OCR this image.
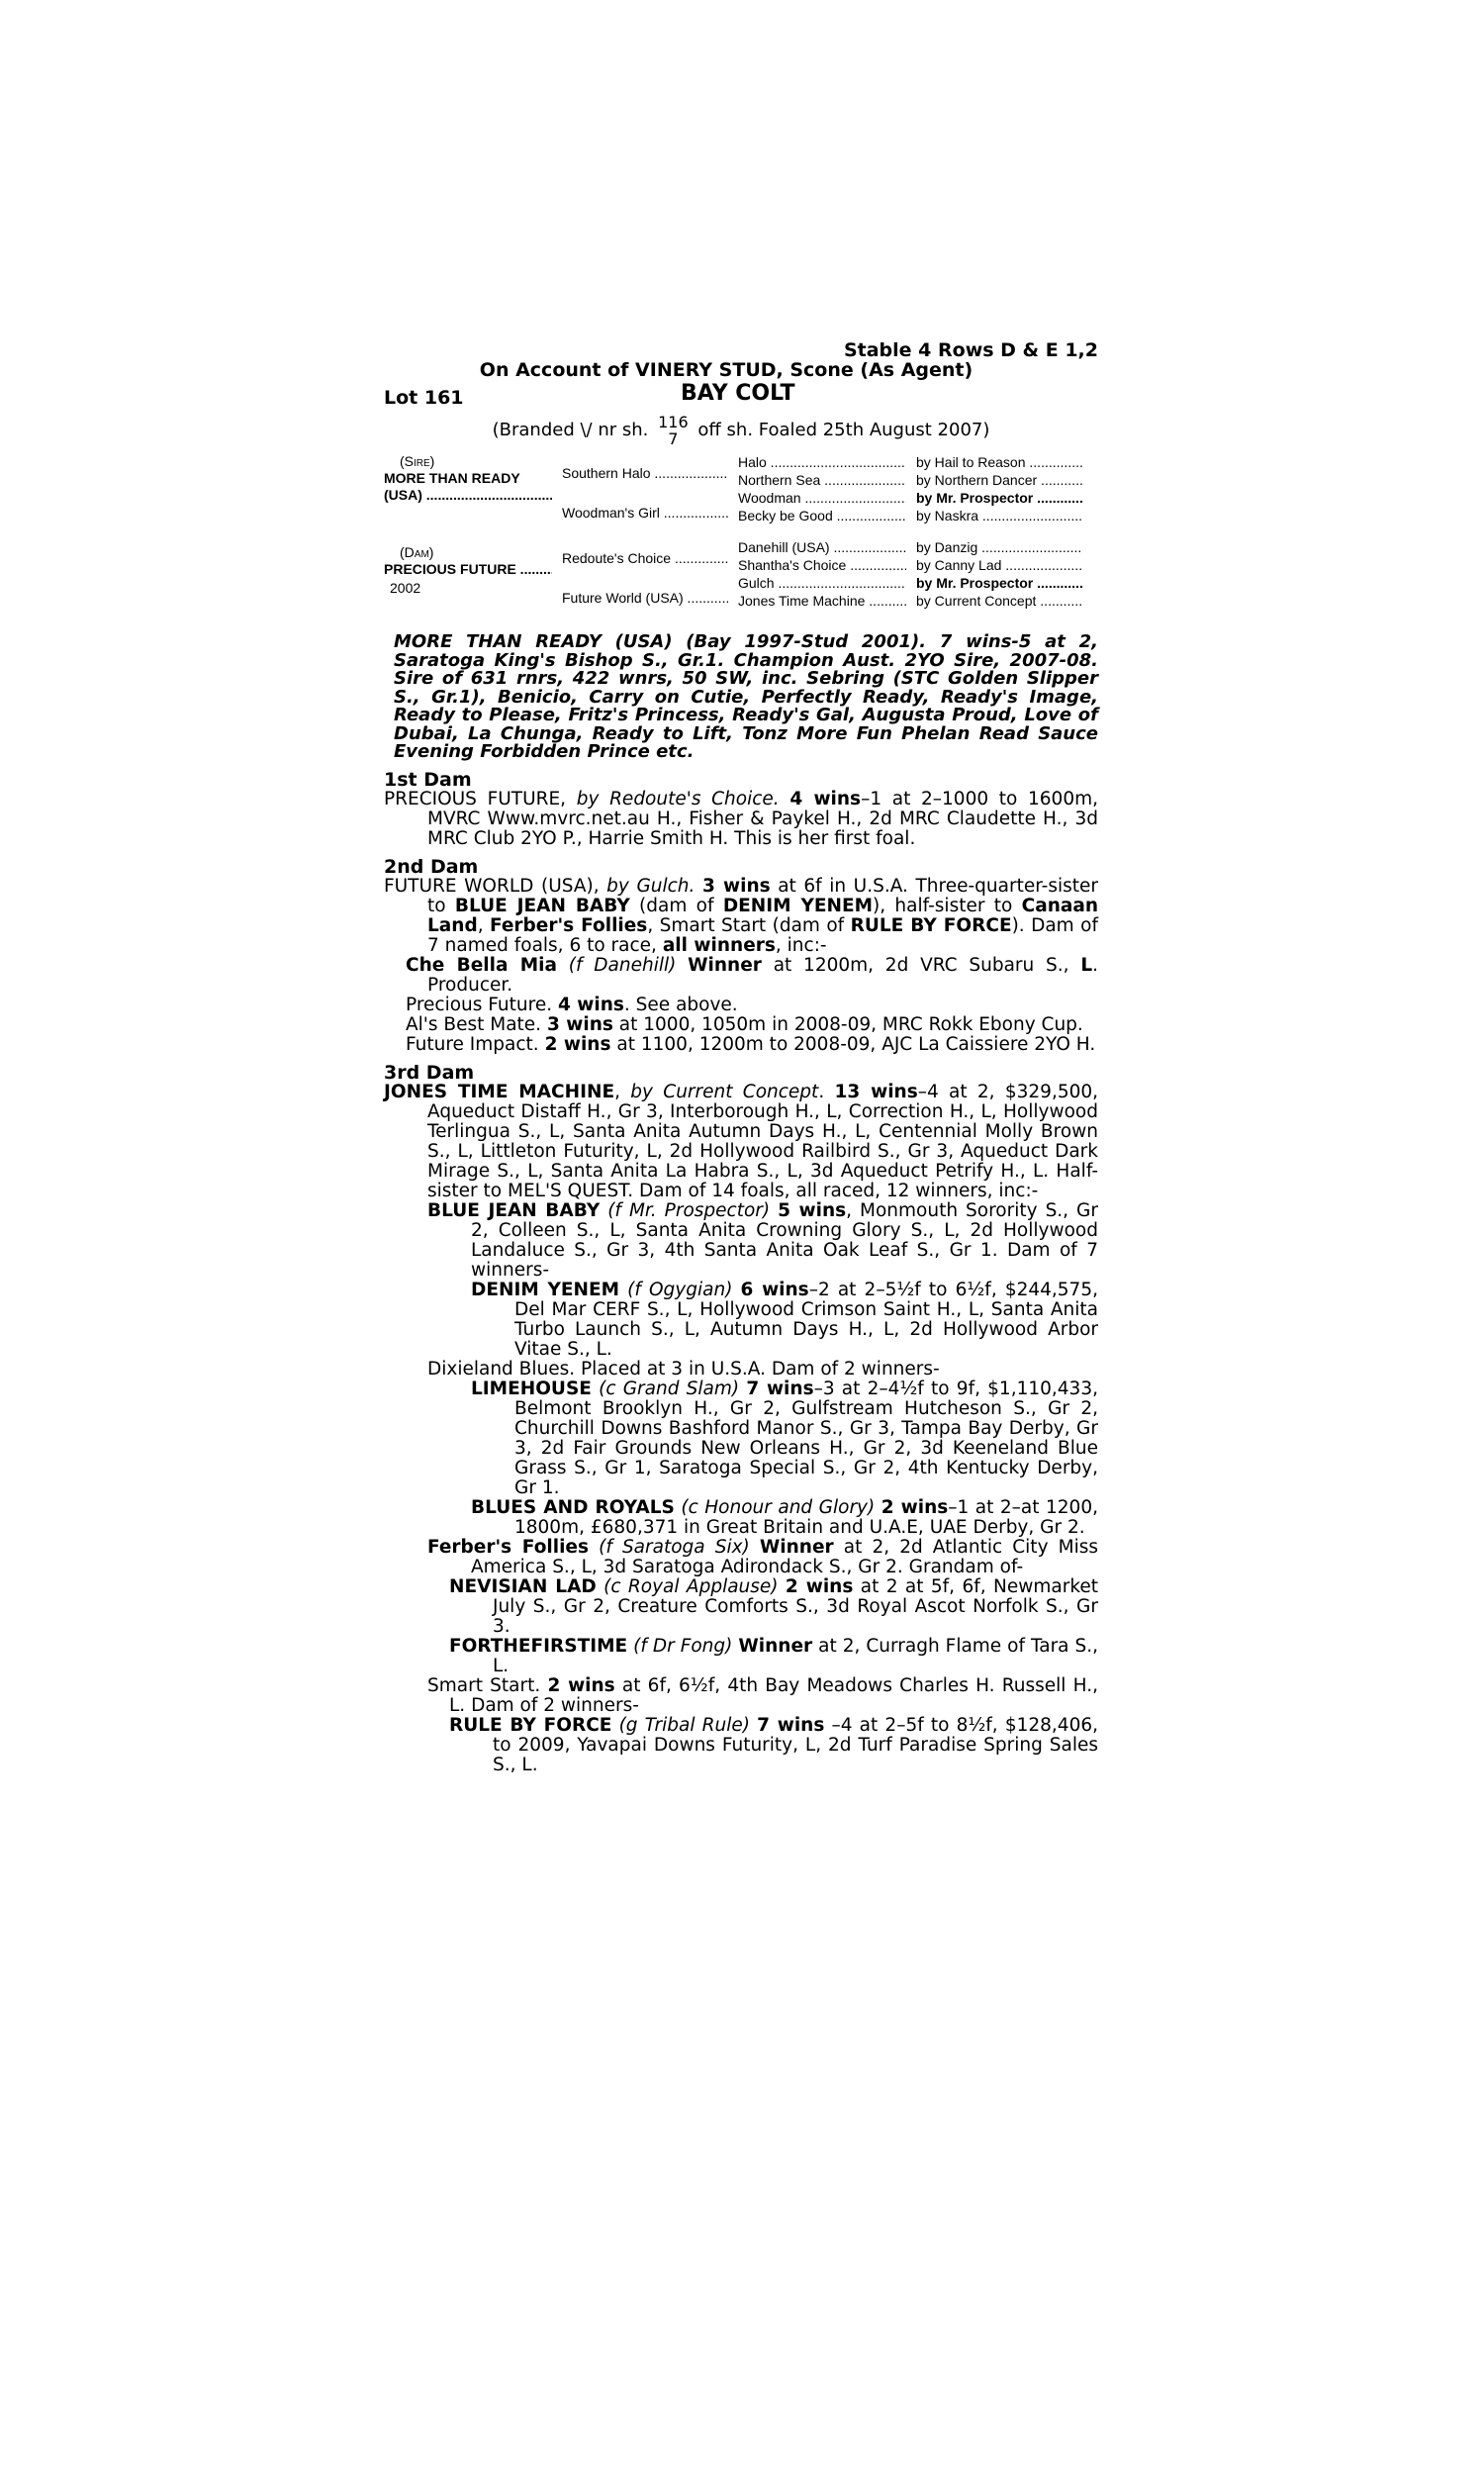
Stable 4 Rows D & E 1,2
On Account of VINERY STUD, Scone (As Agent)
Lot 161	BAY COLT
(Branded \/ nr sh. 116
7	off sh. Foaled 25th August 2007)
(Sire)
MORE THAN READY
(USA) .....
Southern Halo .....
Woodman's Girl .....
Halo .....
Northern Sea .....
Woodman .....
Becky be Good .....
by Hail to Reason .....
by Northern Dancer .....
by Mr. Prospector .....
by Naskra .....
(Dam)
PRECIOUS FUTURE .....
2002
Redoute's Choice .....
Future World (USA) .....
Danehill (USA) .....
Shantha's Choice .....
Gulch .....
Jones Time Machine .....
by Danzig .....
by Canny Lad .....
by Mr. Prospector .....
by Current Concept .....
MORE THAN READY (USA) (Bay 1997-Stud 2001). 7 wins-5 at 2, Saratoga King's Bishop S., Gr.1. Champion Aust. 2YO Sire, 2007-08. Sire of 631 rnrs, 422 wnrs, 50 SW, inc. Sebring (STC Golden Slipper S., Gr.1), Benicio, Carry on Cutie, Perfectly Ready, Ready's Image, Ready to Please, Fritz's Princess, Ready's Gal, Augusta Proud, Love of Dubai, La Chunga, Ready to Lift, Tonz More Fun Phelan Read Sauce Evening Forbidden Prince etc.
1st Dam
PRECIOUS FUTURE, by Redoute's Choice. 4 wins–1 at 2–1000 to 1600m, MVRC Www.mvrc.net.au H., Fisher & Paykel H., 2d MRC Claudette H., 3d MRC Club 2YO P., Harrie Smith H. This is her first foal.
2nd Dam
FUTURE WORLD (USA), by Gulch. 3 wins at 6f in U.S.A. Three-quarter-sister to BLUE JEAN BABY (dam of DENIM YENEM), half-sister to Canaan Land, Ferber's Follies, Smart Start (dam of RULE BY FORCE). Dam of 7 named foals, 6 to race, all winners, inc:-
Che Bella Mia (f Danehill) Winner at 1200m, 2d VRC Subaru S., L. Producer.
Precious Future. 4 wins. See above.
Al's Best Mate. 3 wins at 1000, 1050m in 2008-09, MRC Rokk Ebony Cup.
Future Impact. 2 wins at 1100, 1200m to 2008-09, AJC La Caissiere 2YO H.
3rd Dam
JONES TIME MACHINE, by Current Concept. 13 wins–4 at 2, $329,500, Aqueduct Distaff H., Gr 3, Interborough H., L, Correction H., L, Hollywood Terlingua S., L, Santa Anita Autumn Days H., L, Centennial Molly Brown S., L, Littleton Futurity, L, 2d Hollywood Railbird S., Gr 3, Aqueduct Dark Mirage S., L, Santa Anita La Habra S., L, 3d Aqueduct Petrify H., L. Half-sister to MEL'S QUEST. Dam of 14 foals, all raced, 12 winners, inc:-
BLUE JEAN BABY (f Mr. Prospector) 5 wins, Monmouth Sorority S., Gr 2, Colleen S., L, Santa Anita Crowning Glory S., L, 2d Hollywood Landaluce S., Gr 3, 4th Santa Anita Oak Leaf S., Gr 1. Dam of 7 winners-
DENIM YENEM (f Ogygian) 6 wins–2 at 2–5½f to 6½f, $244,575, Del Mar CERF S., L, Hollywood Crimson Saint H., L, Santa Anita Turbo Launch S., L, Autumn Days H., L, 2d Hollywood Arbor Vitae S., L.
Dixieland Blues. Placed at 3 in U.S.A. Dam of 2 winners-
LIMEHOUSE (c Grand Slam) 7 wins–3 at 2–4½f to 9f, $1,110,433, Belmont Brooklyn H., Gr 2, Gulfstream Hutcheson S., Gr 2, Churchill Downs Bashford Manor S., Gr 3, Tampa Bay Derby, Gr 3, 2d Fair Grounds New Orleans H., Gr 2, 3d Keeneland Blue Grass S., Gr 1, Saratoga Special S., Gr 2, 4th Kentucky Derby, Gr 1.
BLUES AND ROYALS (c Honour and Glory) 2 wins–1 at 2–at 1200, 1800m, £680,371 in Great Britain and U.A.E, UAE Derby, Gr 2.
Ferber's Follies (f Saratoga Six) Winner at 2, 2d Atlantic City Miss America S., L, 3d Saratoga Adirondack S., Gr 2. Grandam of-
NEVISIAN LAD (c Royal Applause) 2 wins at 2 at 5f, 6f, Newmarket July S., Gr 2, Creature Comforts S., 3d Royal Ascot Norfolk S., Gr 3.
FORTHEFIRSTIME (f Dr Fong) Winner at 2, Curragh Flame of Tara S., L.
Smart Start. 2 wins at 6f, 6½f, 4th Bay Meadows Charles H. Russell H., L. Dam of 2 winners-
RULE BY FORCE (g Tribal Rule) 7 wins –4 at 2–5f to 8½f, $128,406, to 2009, Yavapai Downs Futurity, L, 2d Turf Paradise Spring Sales S., L.
